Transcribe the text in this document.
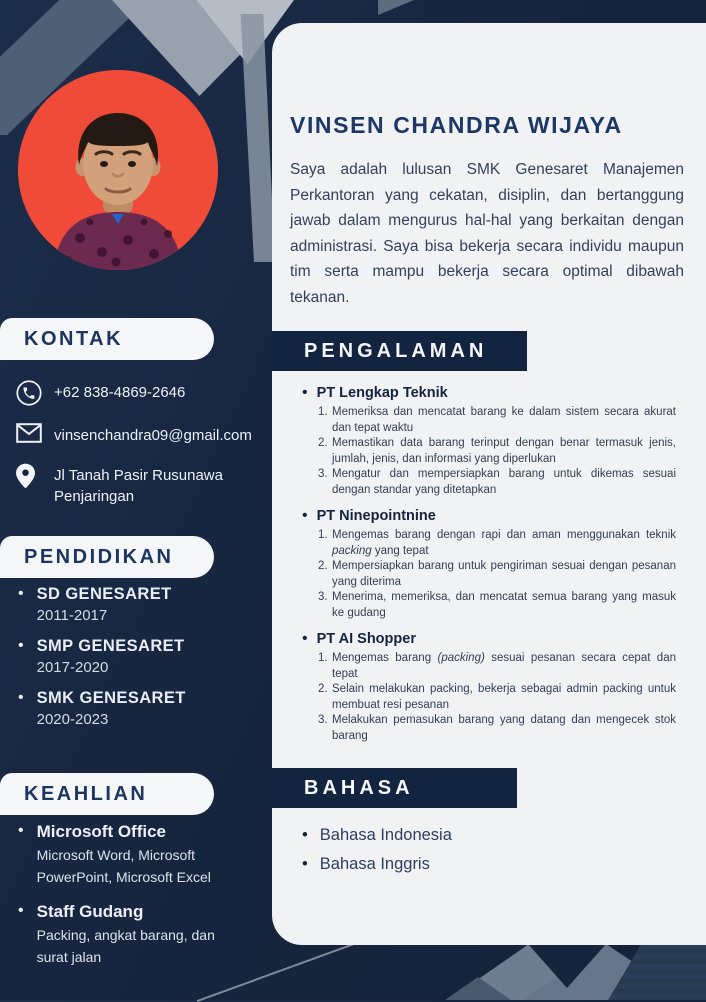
KONTAK
+62 838-4869-2646
vinsenchandra09@gmail.com
Jl Tanah Pasir Rusunawa Penjaringan
PENDIDIKAN
• SD GENESARET
2011-2017
• SMP GENESARET
2017-2020
• SMK GENESARET
2020-2023
KEAHLIAN
• Microsoft Office
Microsoft Word, Microsoft PowerPoint, Microsoft Excel
• Staff Gudang
Packing, angkat barang, dan surat jalan
VINSEN CHANDRA WIJAYA

Saya adalah lulusan SMK Genesaret Manajemen Perkantoran yang cekatan, disiplin, dan bertanggung jawab dalam mengurus hal-hal yang berkaitan dengan administrasi. Saya bisa bekerja secara individu maupun tim serta mampu bekerja secara optimal dibawah tekanan.

PENGALAMAN
• PT Lengkap Teknik
Memeriksa dan mencatat barang ke dalam sistem secara akurat dan tepat waktu
Memastikan data barang terinput dengan benar termasuk jenis, jumlah, jenis, dan informasi yang diperlukan
Mengatur dan mempersiapkan barang untuk dikemas sesuai dengan standar yang ditetapkan
• PT Ninepointnine
Mengemas barang dengan rapi dan aman menggunakan teknik packing yang tepat
Mempersiapkan barang untuk pengiriman sesuai dengan pesanan yang diterima
Menerima, memeriksa, dan mencatat semua barang yang masuk ke gudang
• PT AI Shopper
Mengemas barang (packing) sesuai pesanan secara cepat dan tepat
Selain melakukan packing, bekerja sebagai admin packing untuk membuat resi pesanan
Melakukan pemasukan barang yang datang dan mengecek stok barang
BAHASA
• Bahasa Indonesia
• Bahasa Inggris
